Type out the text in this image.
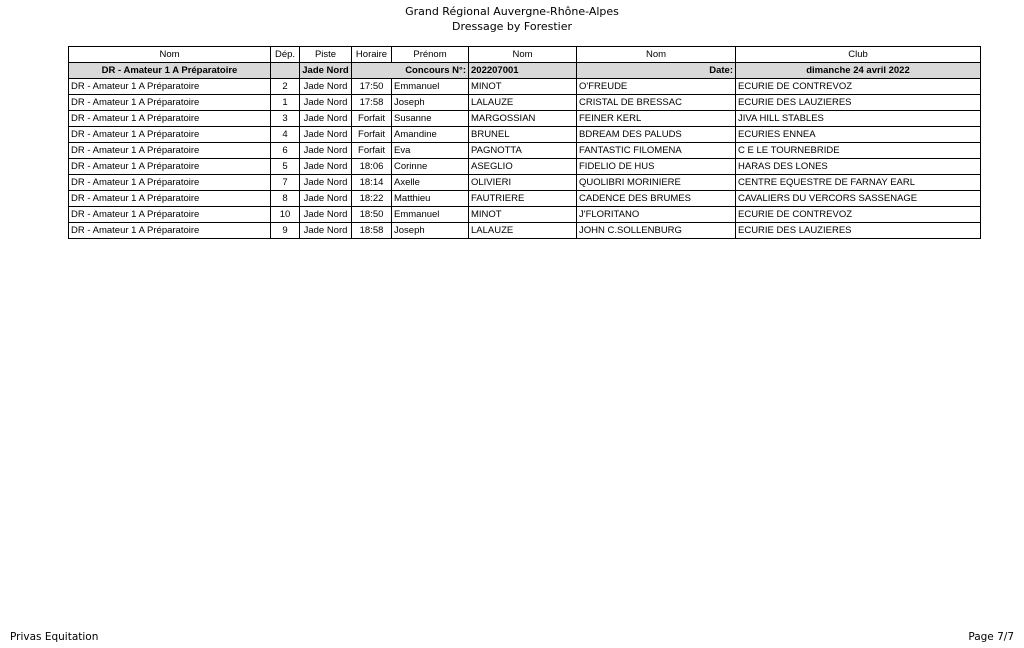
Grand Régional Auvergne-Rhône-Alpes
Dressage by Forestier
Nom	Dép.	Piste	Horaire	Prénom	Nom	Nom	Club
DR - Amateur 1 A Préparatoire		Jade Nord	Concours N°:		202207001	Date:	dimanche 24 avril 2022
DR - Amateur 1 A Préparatoire	2	Jade Nord	17:50	Emmanuel	MINOT	O'FREUDE	ECURIE DE CONTREVOZ
DR - Amateur 1 A Préparatoire	1	Jade Nord	17:58	Joseph	LALAUZE	CRISTAL DE BRESSAC	ECURIE DES LAUZIERES
DR - Amateur 1 A Préparatoire	3	Jade Nord	Forfait	Susanne	MARGOSSIAN	FEINER KERL	JIVA HILL STABLES
DR - Amateur 1 A Préparatoire	4	Jade Nord	Forfait	Amandine	BRUNEL	BDREAM DES PALUDS	ECURIES ENNEA
DR - Amateur 1 A Préparatoire	6	Jade Nord	Forfait	Eva	PAGNOTTA	FANTASTIC FILOMENA	C E LE TOURNEBRIDE
DR - Amateur 1 A Préparatoire	5	Jade Nord	18:06	Corinne	ASEGLIO	FIDELIO DE HUS	HARAS DES LONES
DR - Amateur 1 A Préparatoire	7	Jade Nord	18:14	Axelle	OLIVIERI	QUOLIBRI MORINIERE	CENTRE EQUESTRE DE FARNAY EARL
DR - Amateur 1 A Préparatoire	8	Jade Nord	18:22	Matthieu	FAUTRIERE	CADENCE DES BRUMES	CAVALIERS DU VERCORS SASSENAGE
DR - Amateur 1 A Préparatoire	10	Jade Nord	18:50	Emmanuel	MINOT	J'FLORITANO	ECURIE DE CONTREVOZ
DR - Amateur 1 A Préparatoire	9	Jade Nord	18:58	Joseph	LALAUZE	JOHN C.SOLLENBURG	ECURIE DES LAUZIERES
Privas Equitation	Page 7/7
